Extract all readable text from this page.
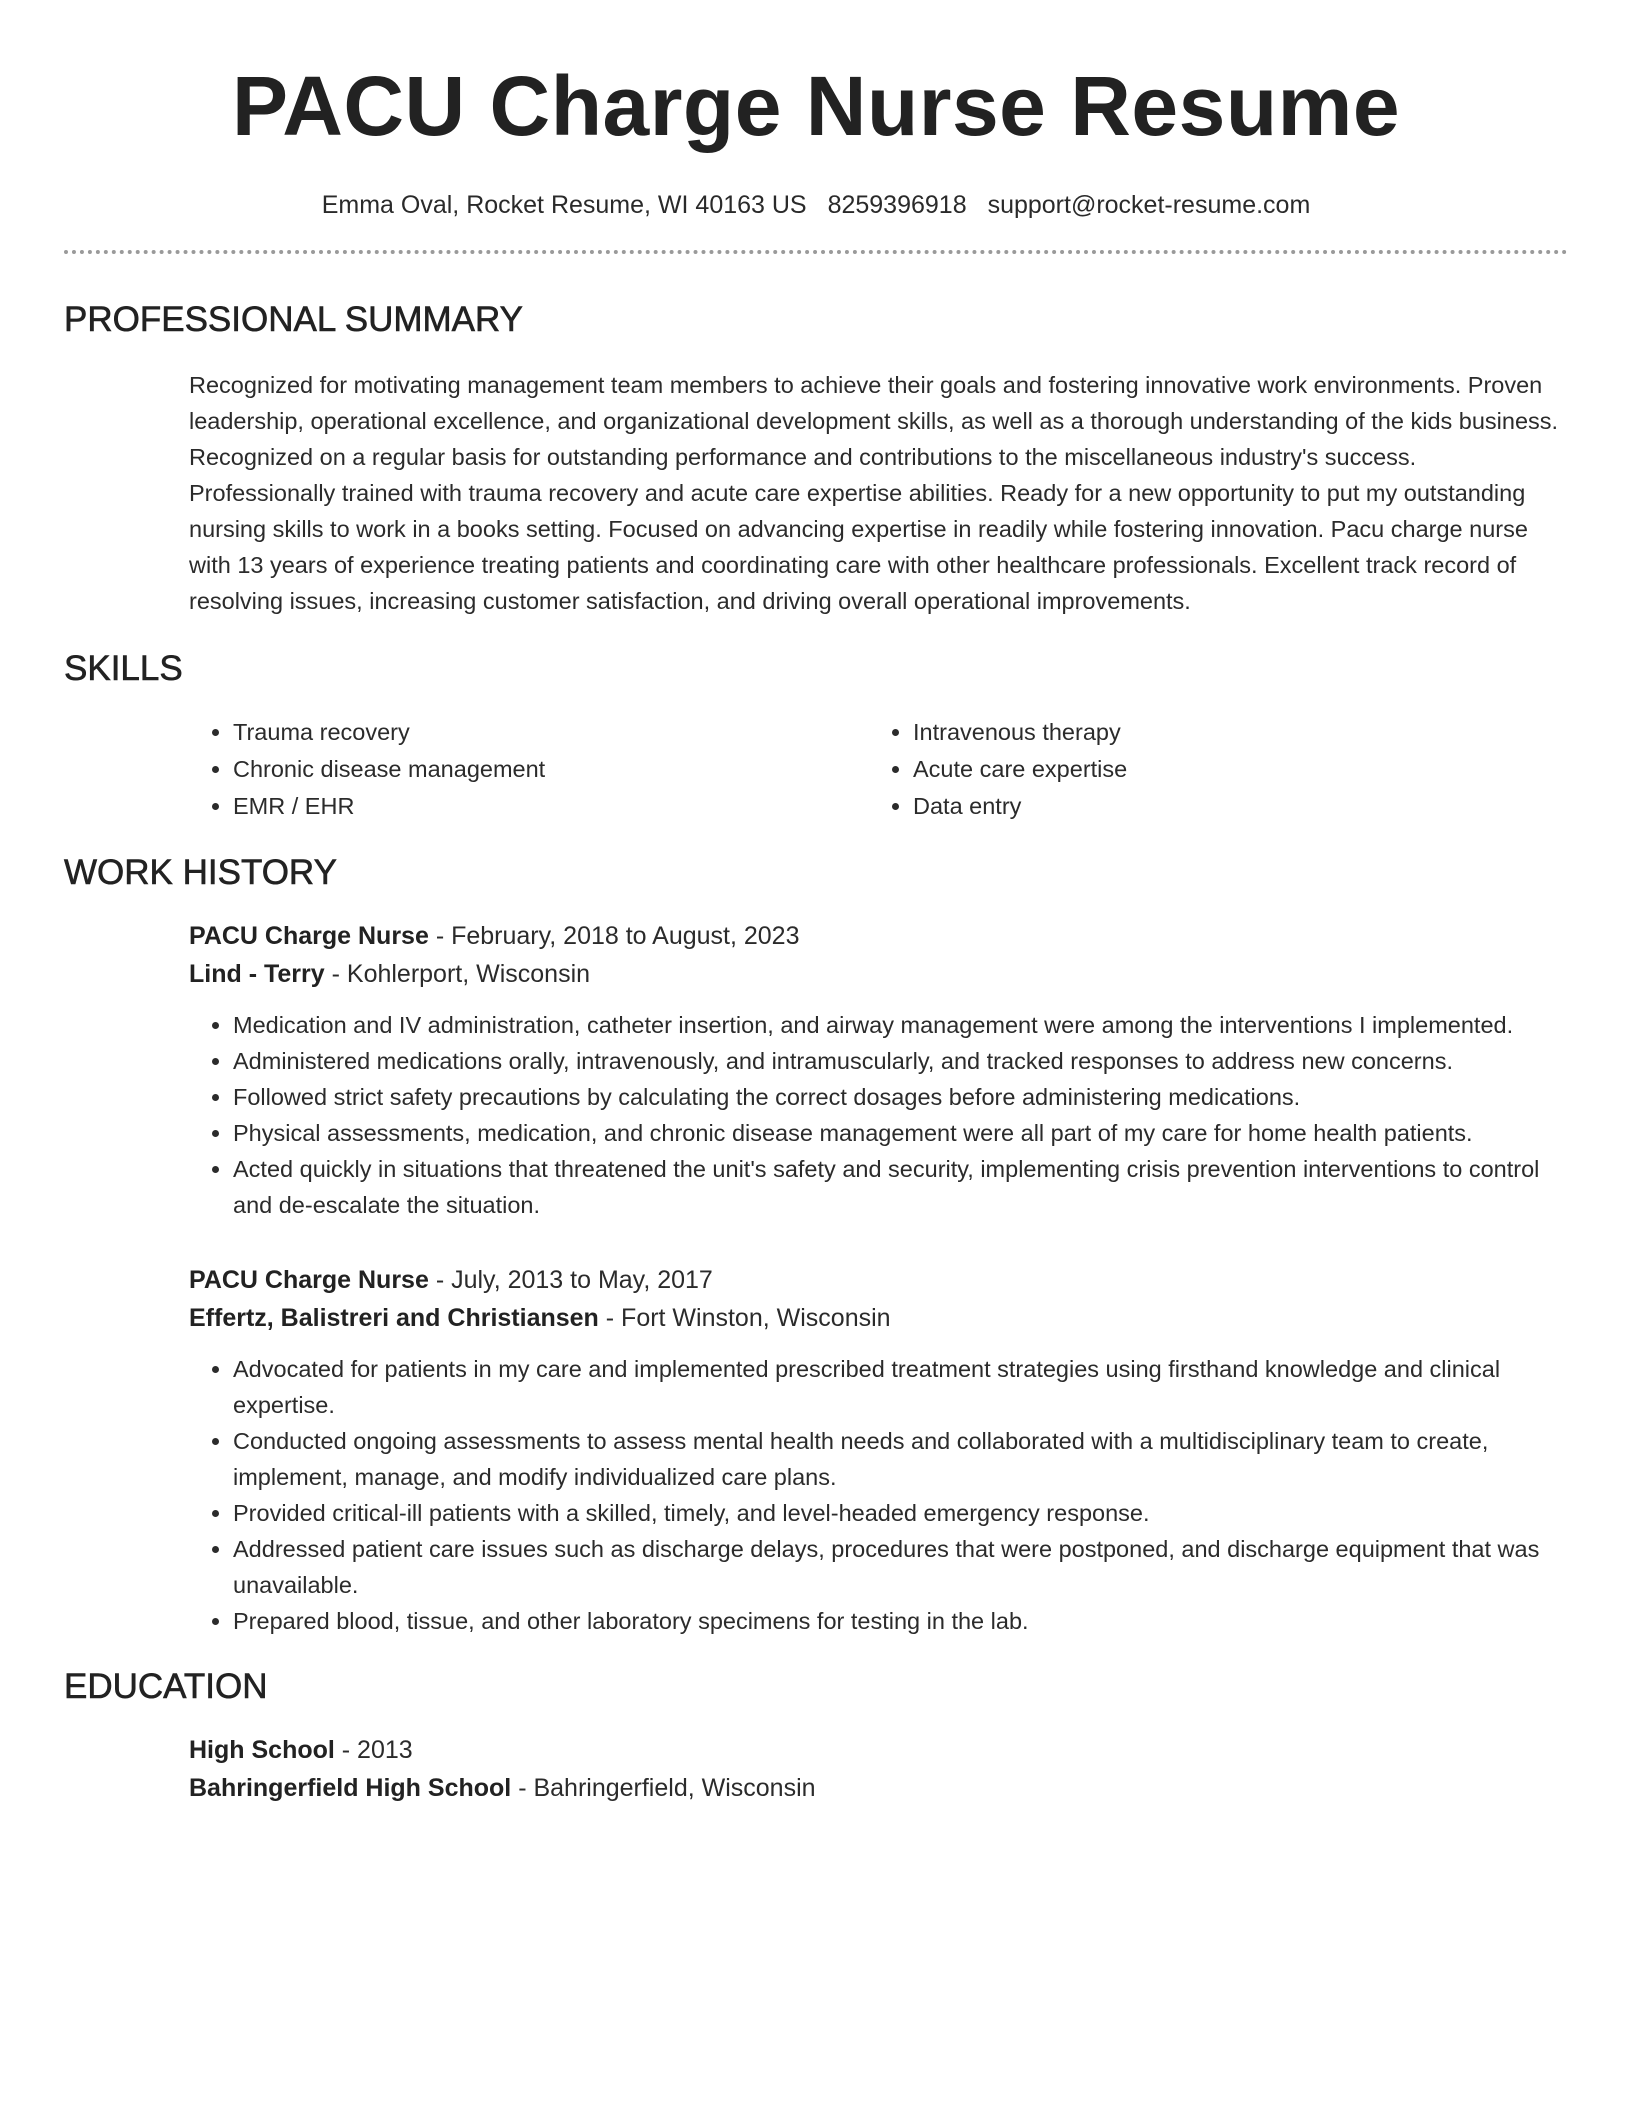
PACU Charge Nurse Resume
Emma Oval, Rocket Resume, WI 40163 US 8259396918 support@rocket-resume.com
PROFESSIONAL SUMMARY

Recognized for motivating management team members to achieve their goals and fostering innovative work environments. Proven leadership, operational excellence, and organizational development skills, as well as a thorough understanding of the kids business. Recognized on a regular basis for outstanding performance and contributions to the miscellaneous industry's success. Professionally trained with trauma recovery and acute care expertise abilities. Ready for a new opportunity to put my outstanding nursing skills to work in a books setting. Focused on advancing expertise in readily while fostering innovation. Pacu charge nurse with 13 years of experience treating patients and coordinating care with other healthcare professionals. Excellent track record of resolving issues, increasing customer satisfaction, and driving overall operational improvements.

SKILLS
• Trauma recovery
• Chronic disease management
• EMR / EHR
• Intravenous therapy
• Acute care expertise
• Data entry
WORK HISTORY
PACU Charge Nurse - February, 2018 to August, 2023
Lind - Terry - Kohlerport, Wisconsin
• Medication and IV administration, catheter insertion, and airway management were among the interventions I implemented.
• Administered medications orally, intravenously, and intramuscularly, and tracked responses to address new concerns.
• Followed strict safety precautions by calculating the correct dosages before administering medications.
• Physical assessments, medication, and chronic disease management were all part of my care for home health patients.
• Acted quickly in situations that threatened the unit's safety and security, implementing crisis prevention interventions to control and de-escalate the situation.
PACU Charge Nurse - July, 2013 to May, 2017
Effertz, Balistreri and Christiansen - Fort Winston, Wisconsin
• Advocated for patients in my care and implemented prescribed treatment strategies using firsthand knowledge and clinical expertise.
• Conducted ongoing assessments to assess mental health needs and collaborated with a multidisciplinary team to create, implement, manage, and modify individualized care plans.
• Provided critical-ill patients with a skilled, timely, and level-headed emergency response.
• Addressed patient care issues such as discharge delays, procedures that were postponed, and discharge equipment that was unavailable.
• Prepared blood, tissue, and other laboratory specimens for testing in the lab.
EDUCATION
High School - 2013
Bahringerfield High School - Bahringerfield, Wisconsin
